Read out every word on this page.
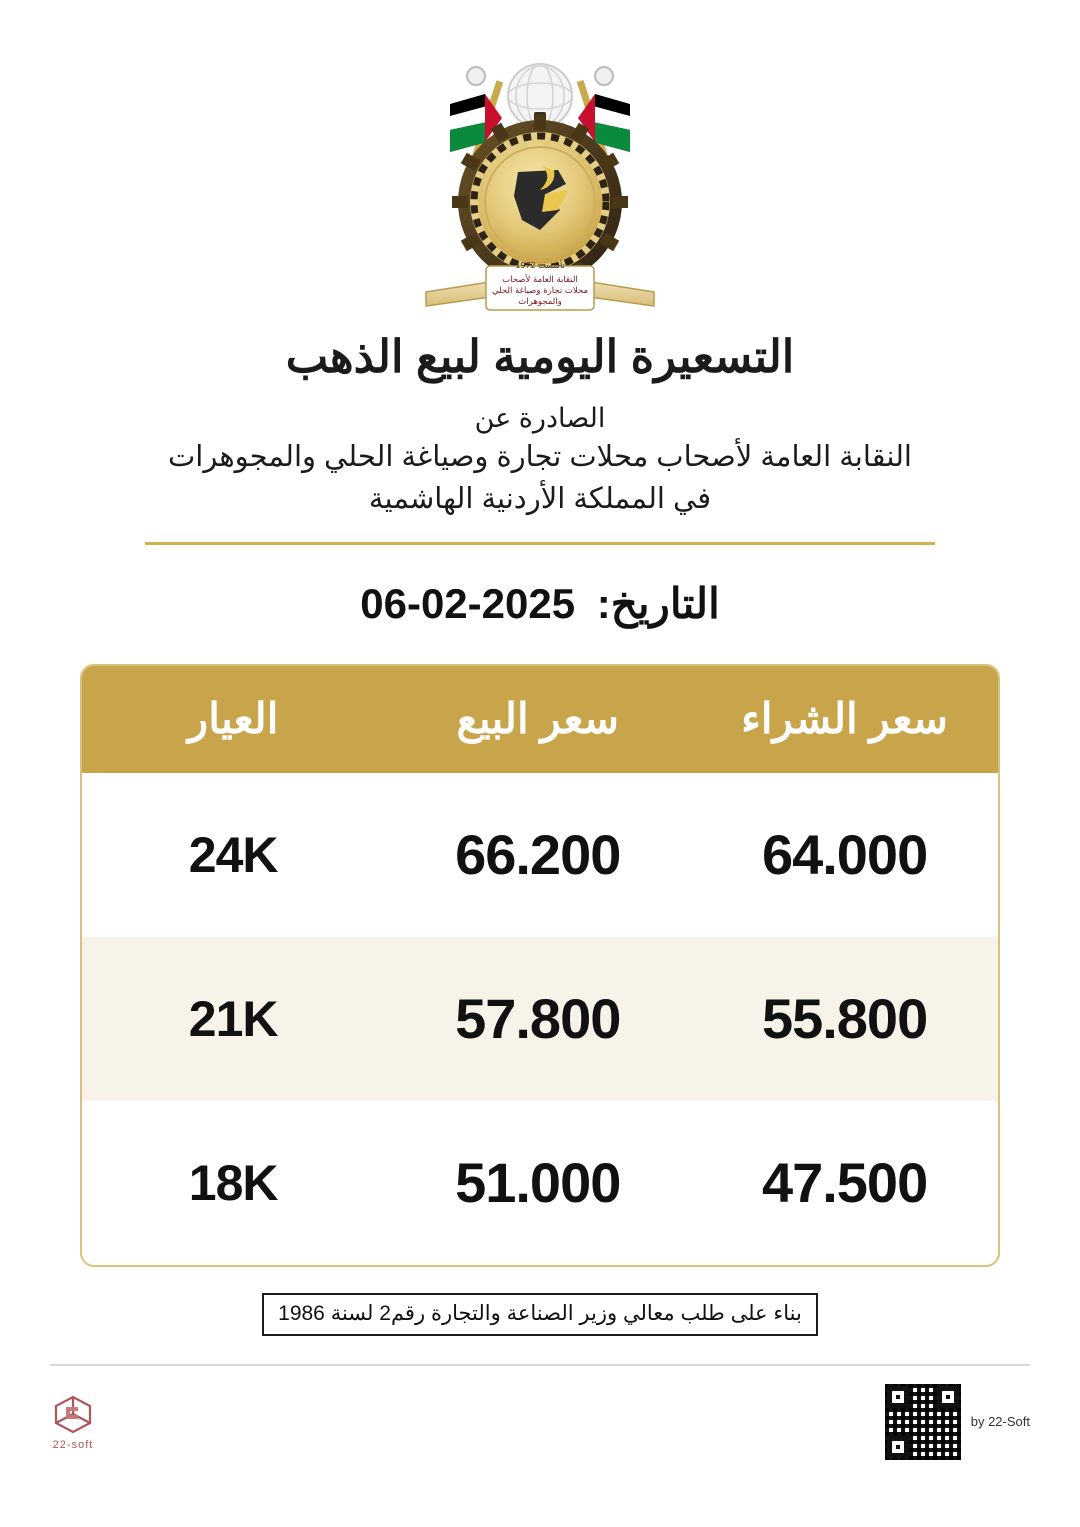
تأسست 1972
النقابة العامة لأصحاب
محلات تجارة وصياغة الحلي
والمجوهرات
التسعيرة اليومية لبيع الذهب
الصادرة عن
النقابة العامة لأصحاب محلات تجارة وصياغة الحلي والمجوهرات
في المملكة الأردنية الهاشمية
التاريخ: 06-02-2025
سعر الشراء
سعر البيع
العيار
64.000
66.200
24K
55.800
57.800
21K
47.500
51.000
18K
بناء على طلب معالي وزير الصناعة والتجارة رقم2 لسنة 1986
22-soft
by 22-Soft
